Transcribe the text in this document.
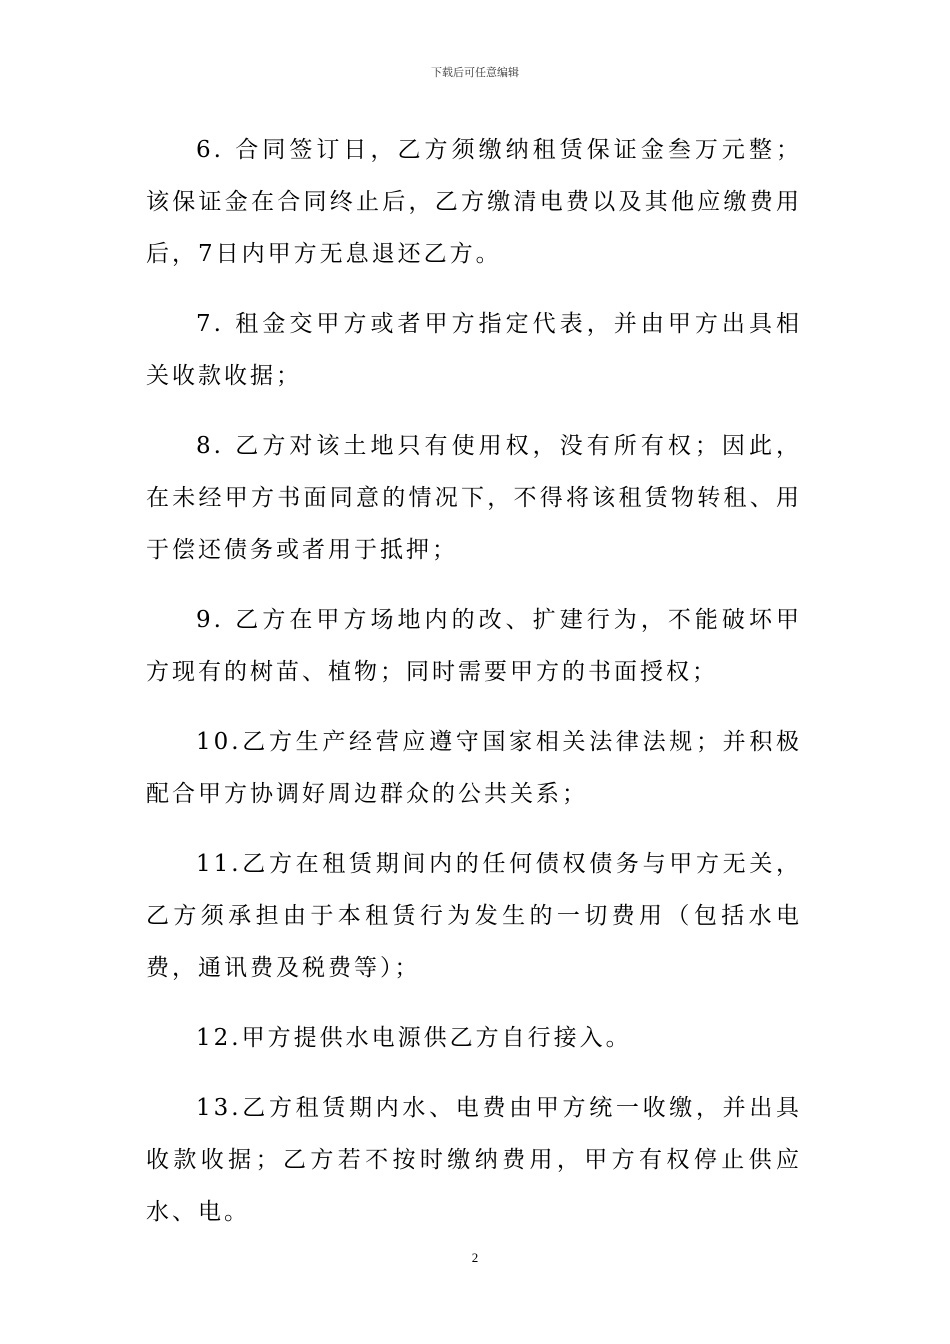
下载后可任意编辑

6. 合同签订日，乙方须缴纳租赁保证金叁万元整；该保证金在合同终止后，乙方缴清电费以及其他应缴费用后，7日内甲方无息退还乙方。

7. 租金交甲方或者甲方指定代表，并由甲方出具相关收款收据；

8. 乙方对该土地只有使用权，没有所有权；因此，在未经甲方书面同意的情况下，不得将该租赁物转租、用于偿还债务或者用于抵押；

9. 乙方在甲方场地内的改、扩建行为，不能破坏甲方现有的树苗、植物；同时需要甲方的书面授权；

10.乙方生产经营应遵守国家相关法律法规；并积极配合甲方协调好周边群众的公共关系；

11.乙方在租赁期间内的任何债权债务与甲方无关，乙方须承担由于本租赁行为发生的一切费用（包括水电费，通讯费及税费等）；

12.甲方提供水电源供乙方自行接入。

13.乙方租赁期内水、电费由甲方统一收缴，并出具收款收据；乙方若不按时缴纳费用，甲方有权停止供应水、电。

2
